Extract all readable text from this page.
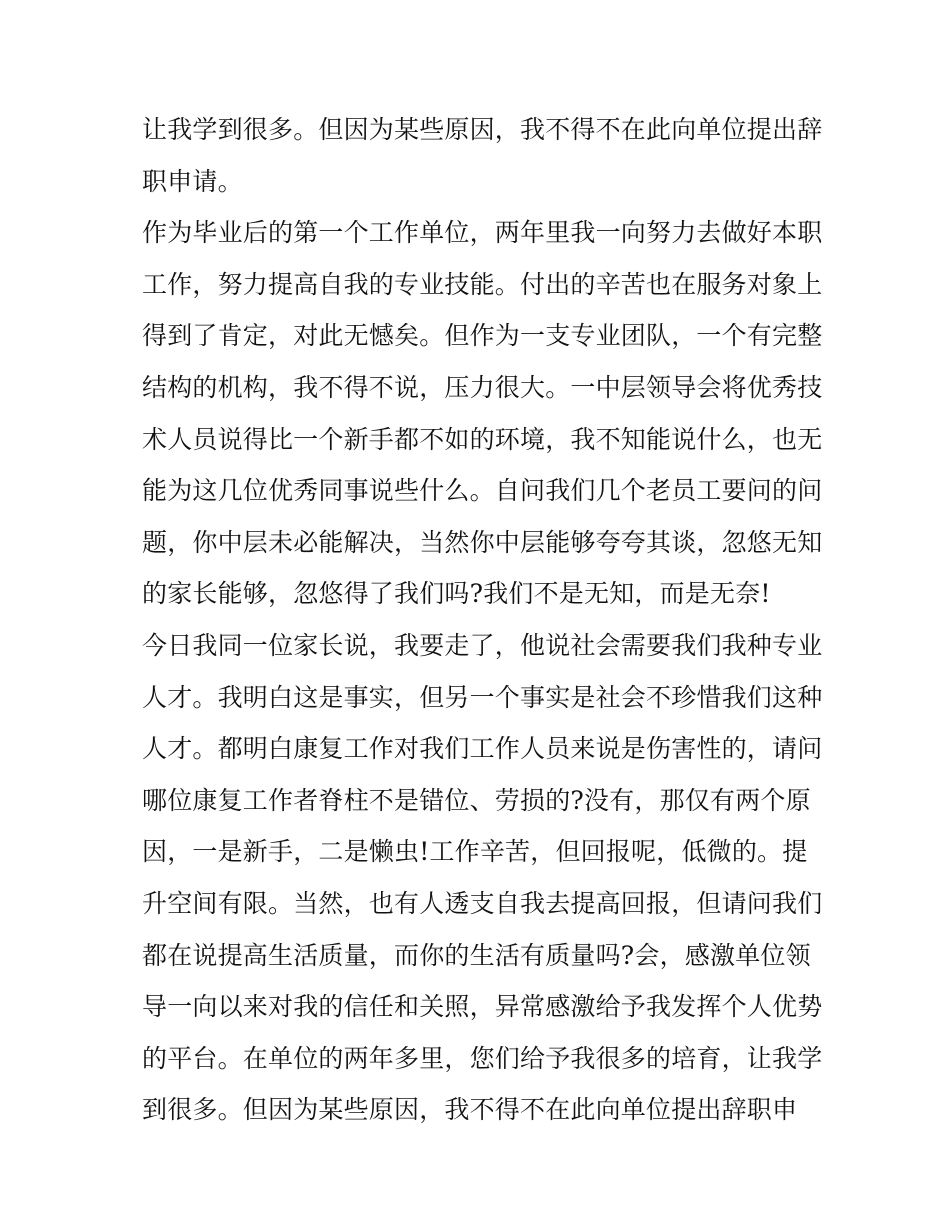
让我学到很多。但因为某些原因，我不得不在此向单位提出辞
职申请。
作为毕业后的第一个工作单位，两年里我一向努力去做好本职
工作，努力提高自我的专业技能。付出的辛苦也在服务对象上
得到了肯定，对此无憾矣。但作为一支专业团队，一个有完整
结构的机构，我不得不说，压力很大。一中层领导会将优秀技
术人员说得比一个新手都不如的环境，我不知能说什么，也无
能为这几位优秀同事说些什么。自问我们几个老员工要问的问
题，你中层未必能解决，当然你中层能够夸夸其谈，忽悠无知
的家长能够，忽悠得了我们吗?我们不是无知，而是无奈!
今日我同一位家长说，我要走了，他说社会需要我们我种专业
人才。我明白这是事实，但另一个事实是社会不珍惜我们这种
人才。都明白康复工作对我们工作人员来说是伤害性的，请问
哪位康复工作者脊柱不是错位、劳损的?没有，那仅有两个原
因，一是新手，二是懒虫!工作辛苦，但回报呢，低微的。提
升空间有限。当然，也有人透支自我去提高回报，但请问我们
都在说提高生活质量，而你的生活有质量吗?会，感激单位领
导一向以来对我的信任和关照，异常感激给予我发挥个人优势
的平台。在单位的两年多里，您们给予我很多的培育，让我学
到很多。但因为某些原因，我不得不在此向单位提出辞职申
